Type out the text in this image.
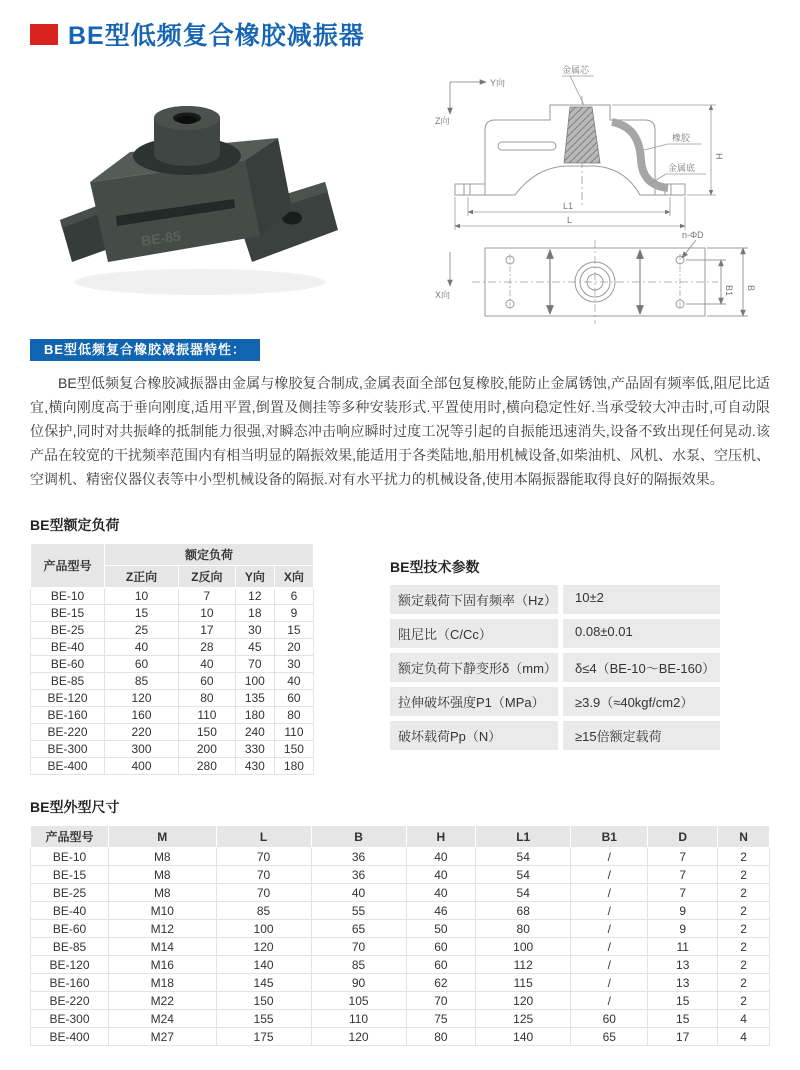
BE型低频复合橡胶减振器
BE-85
Y向
Z向
金属芯
橡胶
金属底
H
L1
L
X向
n-ΦD
B1 B
BE型低频复合橡胶减振器特性：

BE型低频复合橡胶减振器由金属与橡胶复合制成,金属表面全部包复橡胶,能防止金属锈蚀,产品固有频率低,阻尼比适宜,横向刚度高于垂向刚度,适用平置,倒置及侧挂等多种安装形式.平置使用时,横向稳定性好.当承受较大冲击时,可自动限位保护,同时对共振峰的抵制能力很强,对瞬态冲击响应瞬时过度工况等引起的自振能迅速消失,设备不致出现任何晃动.该产品在较宽的干扰频率范围内有相当明显的隔振效果,能适用于各类陆地,船用机械设备,如柴油机、风机、水泵、空压机、空调机、精密仪器仪表等中小型机械设备的隔振.对有水平扰力的机械设备,使用本隔振器能取得良好的隔振效果。

BE型额定负荷
产品型号	额定负荷			
	Z正向	Z反向	Y向	X向
BE-10	10	7	12	6
BE-15	15	10	18	9
BE-25	25	17	30	15
BE-40	40	28	45	20
BE-60	60	40	70	30
BE-85	85	60	100	40
BE-120	120	80	135	60
BE-160	160	110	180	80
BE-220	220	150	240	110
BE-300	300	200	330	150
BE-400	400	280	430	180
BE型技术参数
额定载荷下固有频率（Hz）	10±2
阻尼比（C/Cc）	0.08±0.01
额定负荷下静变形δ（mm）	δ≤4（BE-10～BE-160）
拉伸破坏强度P1（MPa）	≥3.9（≈40kgf/cm2）
破坏载荷Pp（N）	≥15倍额定载荷
BE型外型尺寸
产品型号	M	L	B	H	L1	B1	D	N
BE-10	M8	70	36	40	54	/	7	2
BE-15	M8	70	36	40	54	/	7	2
BE-25	M8	70	40	40	54	/	7	2
BE-40	M10	85	55	46	68	/	9	2
BE-60	M12	100	65	50	80	/	9	2
BE-85	M14	120	70	60	100	/	11	2
BE-120	M16	140	85	60	112	/	13	2
BE-160	M18	145	90	62	115	/	13	2
BE-220	M22	150	105	70	120	/	15	2
BE-300	M24	155	110	75	125	60	15	4
BE-400	M27	175	120	80	140	65	17	4
